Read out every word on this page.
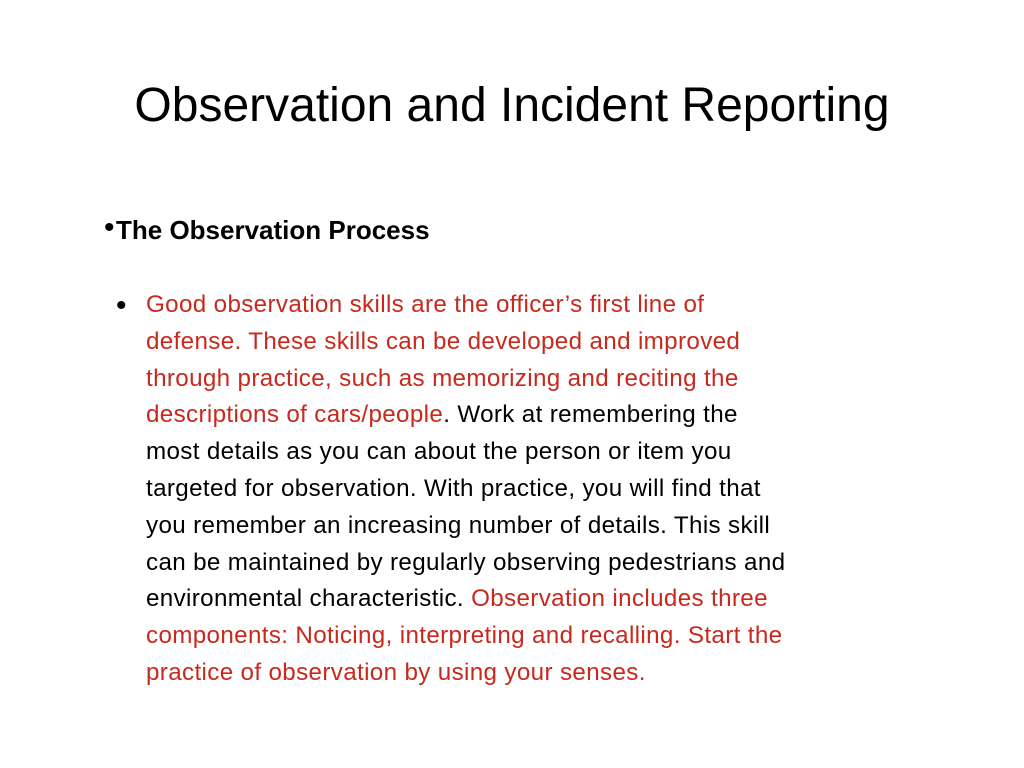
Observation and Incident Reporting
• The Observation Process
• Good observation skills are the officer’s first line of
defense. These skills can be developed and improved
through practice, such as memorizing and reciting the
descriptions of cars/people. Work at remembering the
most details as you can about the person or item you
targeted for observation. With practice, you will find that
you remember an increasing number of details. This skill
can be maintained by regularly observing pedestrians and
environmental characteristic. Observation includes three
components: Noticing, interpreting and recalling. Start the
practice of observation by using your senses.
